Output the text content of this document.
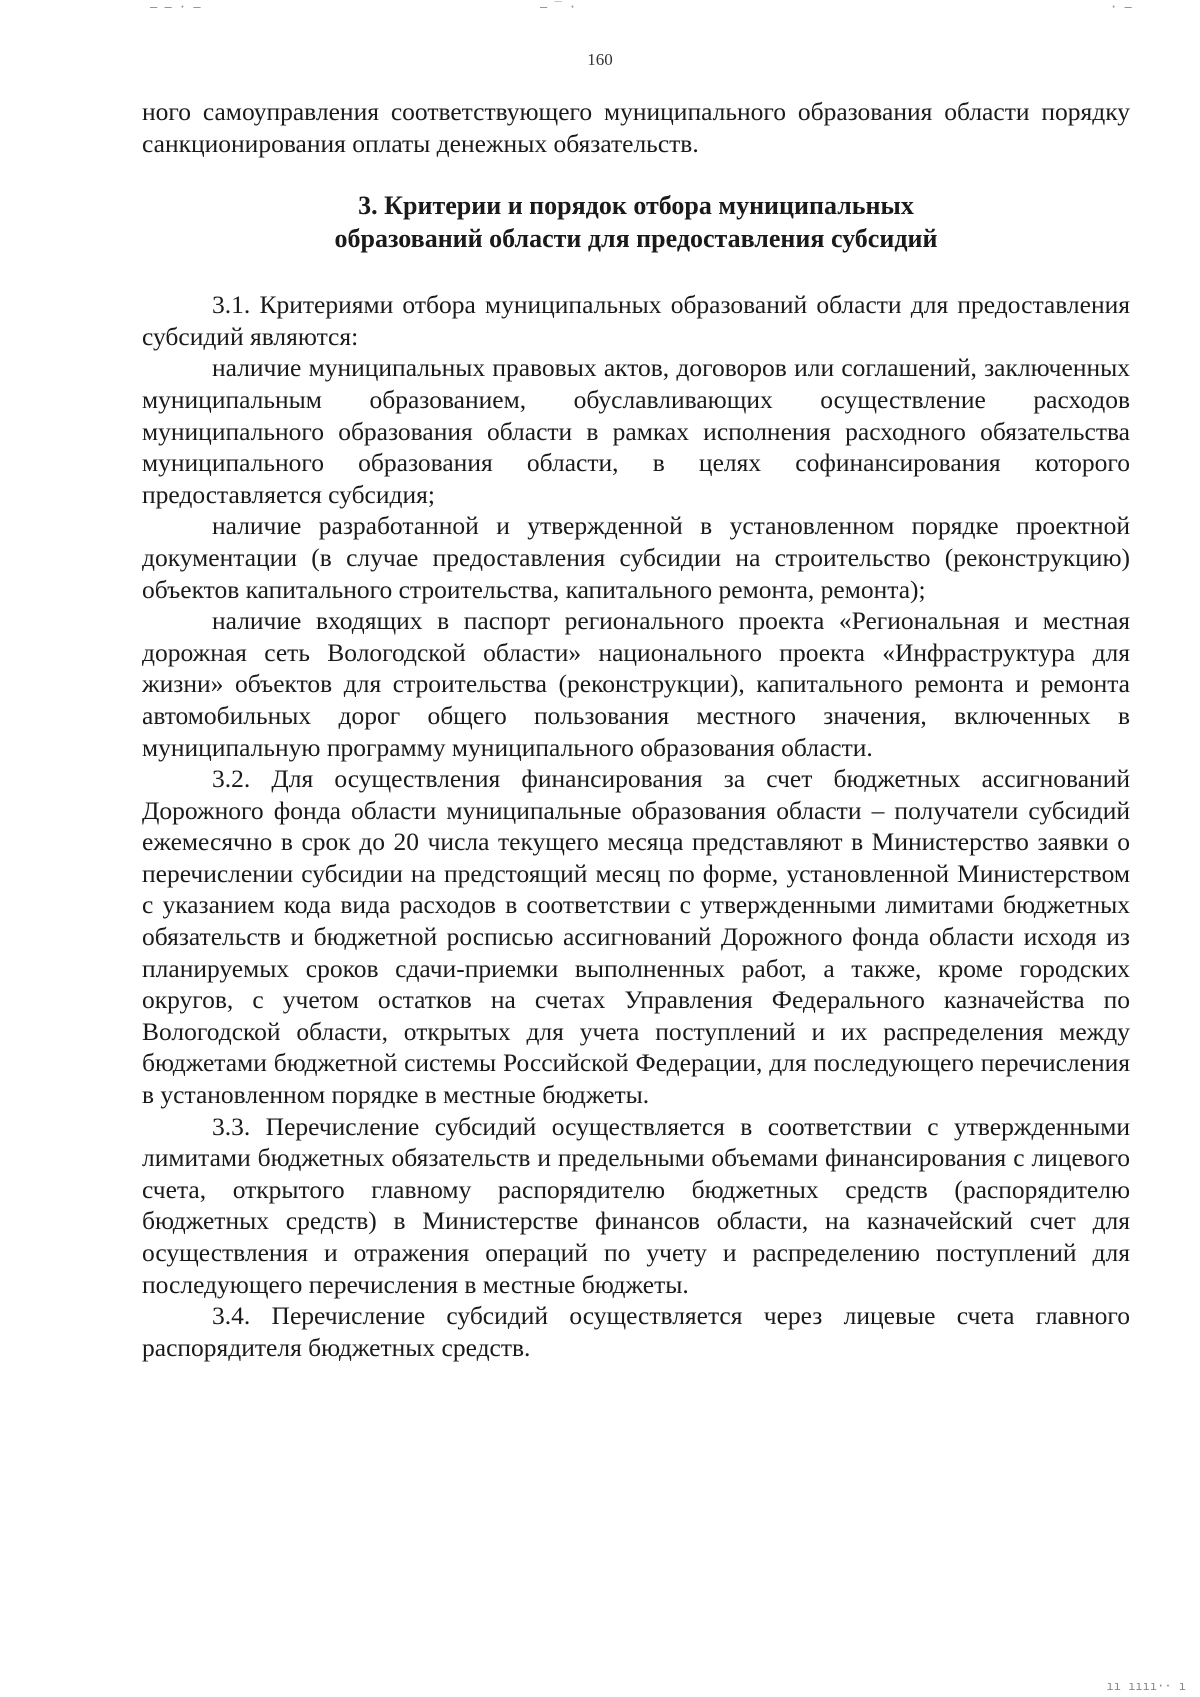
– – · –	– ‾ ·	· –
160

ного самоуправления соответствующего муниципального образования области порядку санкционирования оплаты денежных обязательств.

3. Критерии и порядок отбора муниципальных
образований области для предоставления субсидий

3.1. Критериями отбора муниципальных образований области для предоставления субсидий являются:

наличие муниципальных правовых актов, договоров или соглашений, заключенных муниципальным образованием, обуславливающих осуществление расходов муниципального образования области в рамках исполнения расходного обязательства муниципального образования области, в целях софинансирования которого предоставляется субсидия;

наличие разработанной и утвержденной в установленном порядке проектной документации (в случае предоставления субсидии на строительство (реконструкцию) объектов капитального строительства, капитального ремонта, ремонта);

наличие входящих в паспорт регионального проекта «Региональная и местная дорожная сеть Вологодской области» национального проекта «Инфраструктура для жизни» объектов для строительства (реконструкции), капитального ремонта и ремонта автомобильных дорог общего пользования местного значения, включенных в муниципальную программу муниципального образования области.

3.2. Для осуществления финансирования за счет бюджетных ассигнований Дорожного фонда области муниципальные образования области – получатели субсидий ежемесячно в срок до 20 числа текущего месяца представляют в Министерство заявки о перечислении субсидии на предстоящий месяц по форме, установленной Министерством с указанием кода вида расходов в соответствии с утвержденными лимитами бюджетных обязательств и бюджетной росписью ассигнований Дорожного фонда области исходя из планируемых сроков сдачи-приемки выполненных работ, а также, кроме городских округов, с учетом остатков на счетах Управления Федерального казначейства по Вологодской области, открытых для учета поступлений и их распределения между бюджетами бюджетной системы Российской Федерации, для последующего перечисления в установленном порядке в местные бюджеты.

3.3. Перечисление субсидий осуществляется в соответствии с утвержденными лимитами бюджетных обязательств и предельными объемами финансирования с лицевого счета, открытого главному распорядителю бюджетных средств (распорядителю бюджетных средств) в Министерстве финансов области, на казначейский счет для осуществления и отражения операций по учету и распределению поступлений для последующего перечисления в местные бюджеты.

3.4. Перечисление субсидий осуществляется через лицевые счета главного распорядителя бюджетных средств.

ıı ıııı·· ı
